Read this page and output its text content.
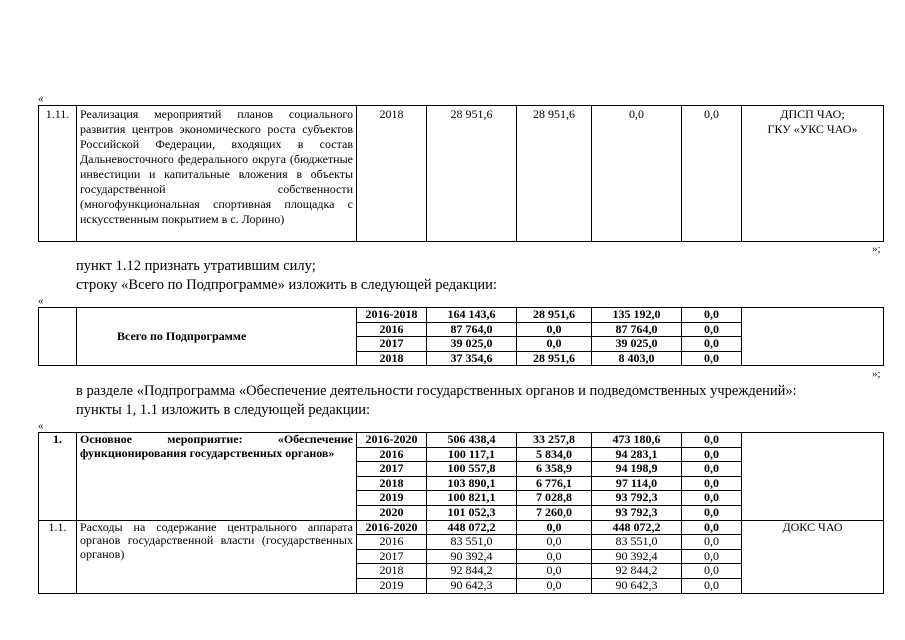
«
1.11.	Реализация мероприятий планов социального развития центров экономического роста субъектов Российской Федерации, входящих в состав Дальневосточного федерального округа (бюджетные инвестиции и капитальные вложения в объекты государственной собственности (многофункциональная спортивная площадка с искусственным покрытием в с. Лорино)	2018	28 951,6	28 951,6	0,0	0,0	ДПСП ЧАО;
ГКУ «УКС ЧАО»
»;
пункт 1.12 признать утратившим силу;
строку «Всего по Подпрограмме» изложить в следующей редакции:
«
	Всего по Подпрограмме	2016-2018	164 143,6	28 951,6	135 192,0	0,0	
		2016	87 764,0	0,0	87 764,0	0,0	
		2017	39 025,0	0,0	39 025,0	0,0	
		2018	37 354,6	28 951,6	8 403,0	0,0	
»;
в разделе «Подпрограмма «Обеспечение деятельности государственных органов и подведомственных учреждений»:
пункты 1, 1.1 изложить в следующей редакции:
«
1.	Основное мероприятие: «Обеспечение функционирования государственных органов»	2016-2020	506 438,4	33 257,8	473 180,6	0,0	
		2016	100 117,1	5 834,0	94 283,1	0,0	
		2017	100 557,8	6 358,9	94 198,9	0,0	
		2018	103 890,1	6 776,1	97 114,0	0,0	
		2019	100 821,1	7 028,8	93 792,3	0,0	
		2020	101 052,3	7 260,0	93 792,3	0,0	
1.1.	Расходы на содержание центрального аппарата органов государственной власти (государственных органов)	2016-2020	448 072,2	0,0	448 072,2	0,0	ДОКС ЧАО
		2016	83 551,0	0,0	83 551,0	0,0	
		2017	90 392,4	0,0	90 392,4	0,0	
		2018	92 844,2	0,0	92 844,2	0,0	
		2019	90 642,3	0,0	90 642,3	0,0	
